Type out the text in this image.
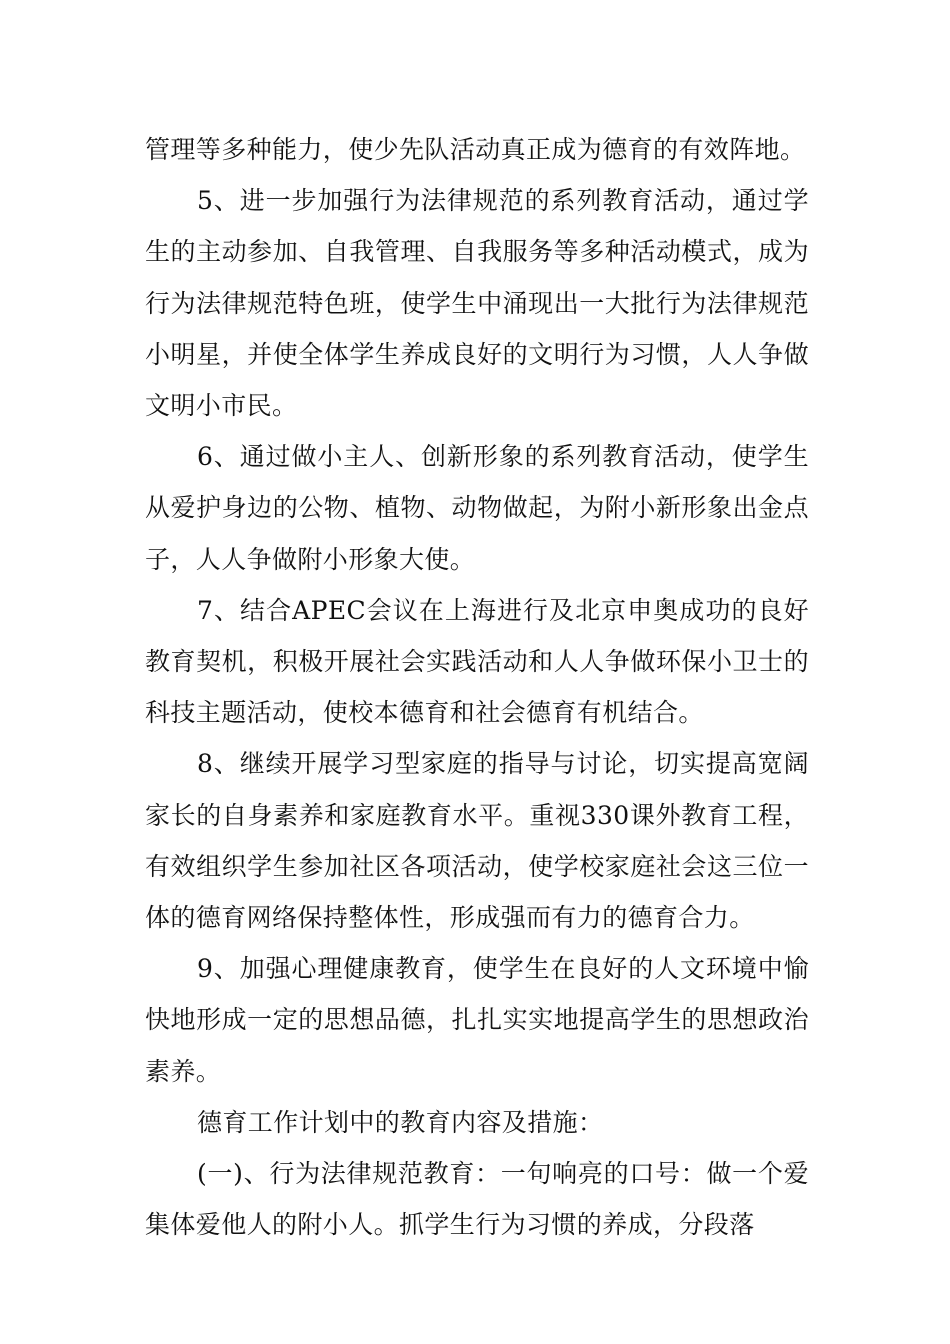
管理等多种能力，使少先队活动真正成为德育的有效阵地。

5、进一步加强行为法律规范的系列教育活动，通过学生的主动参加、自我管理、自我服务等多种活动模式，成为行为法律规范特色班，使学生中涌现出一大批行为法律规范小明星，并使全体学生养成良好的文明行为习惯，人人争做文明小市民。

6、通过做小主人、创新形象的系列教育活动，使学生从爱护身边的公物、植物、动物做起，为附小新形象出金点子，人人争做附小形象大使。

7、结合APEC会议在上海进行及北京申奥成功的良好教育契机，积极开展社会实践活动和人人争做环保小卫士的科技主题活动，使校本德育和社会德育有机结合。

8、继续开展学习型家庭的指导与讨论，切实提高宽阔家长的自身素养和家庭教育水平。重视330课外教育工程，有效组织学生参加社区各项活动，使学校家庭社会这三位一体的德育网络保持整体性，形成强而有力的德育合力。

9、加强心理健康教育，使学生在良好的人文环境中愉快地形成一定的思想品德，扎扎实实地提高学生的思想政治素养。

德育工作计划中的教育内容及措施：

(一)、行为法律规范教育：一句响亮的口号：做一个爱集体爱他人的附小人。抓学生行为习惯的养成，分段落
